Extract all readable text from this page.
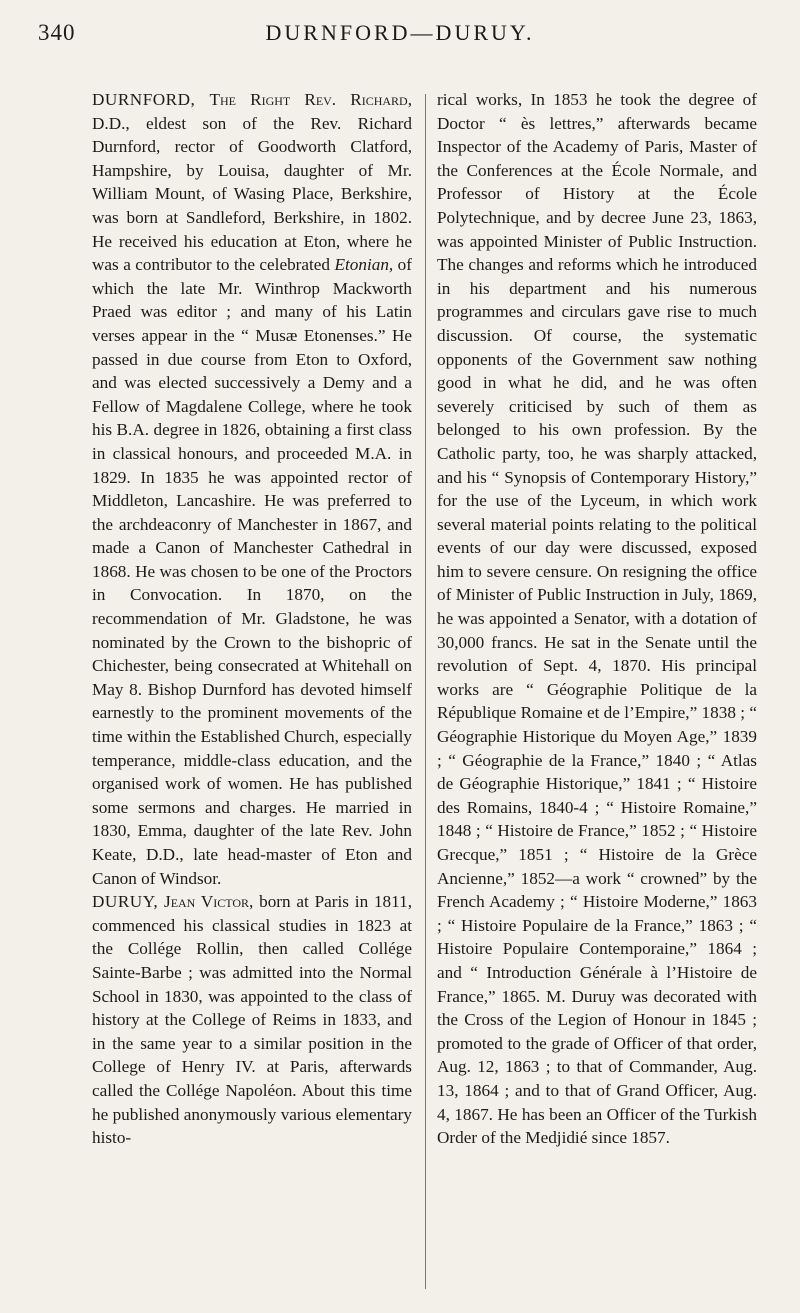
340	DURNFORD—DURUY.

DURNFORD, The Right Rev. Richard, D.D., eldest son of the Rev. Richard Durnford, rector of Goodworth Clatford, Hampshire, by Louisa, daughter of Mr. William Mount, of Wasing Place, Berkshire, was born at Sandleford, Berkshire, in 1802. He received his education at Eton, where he was a contributor to the celebrated Etonian, of which the late Mr. Winthrop Mackworth Praed was editor ; and many of his Latin verses appear in the “ Musæ Etonenses.” He passed in due course from Eton to Oxford, and was elected successively a Demy and a Fellow of Magdalene College, where he took his B.A. degree in 1826, obtaining a first class in classical honours, and proceeded M.A. in 1829. In 1835 he was appointed rector of Middleton, Lancashire. He was preferred to the archdeaconry of Manchester in 1867, and made a Canon of Manchester Cathedral in 1868. He was chosen to be one of the Proctors in Convocation. In 1870, on the recommendation of Mr. Gladstone, he was nominated by the Crown to the bishopric of Chichester, being consecrated at Whitehall on May 8. Bishop Durnford has devoted himself earnestly to the prominent movements of the time within the Established Church, especially temperance, middle-class education, and the organised work of women. He has published some sermons and charges. He married in 1830, Emma, daughter of the late Rev. John Keate, D.D., late head-master of Eton and Canon of Windsor.

DURUY, Jean Victor, born at Paris in 1811, commenced his classical studies in 1823 at the Collége Rollin, then called Collége Sainte-Barbe ; was admitted into the Normal School in 1830, was appointed to the class of history at the College of Reims in 1833, and in the same year to a similar position in the College of Henry IV. at Paris, afterwards called the Collége Napoléon. About this time he published anonymously various elementary histo-

rical works, In 1853 he took the degree of Doctor “ ès lettres,” afterwards became Inspector of the Academy of Paris, Master of the Conferences at the École Normale, and Professor of History at the École Polytechnique, and by decree June 23, 1863, was appointed Minister of Public Instruction. The changes and reforms which he introduced in his department and his numerous programmes and circulars gave rise to much discussion. Of course, the systematic opponents of the Government saw nothing good in what he did, and he was often severely criticised by such of them as belonged to his own profession. By the Catholic party, too, he was sharply attacked, and his “ Synopsis of Contemporary History,” for the use of the Lyceum, in which work several material points relating to the political events of our day were discussed, exposed him to severe censure. On resigning the office of Minister of Public Instruction in July, 1869, he was appointed a Senator, with a dotation of 30,000 francs. He sat in the Senate until the revolution of Sept. 4, 1870. His principal works are “ Géographie Politique de la République Romaine et de l’Empire,” 1838 ; “ Géographie Historique du Moyen Age,” 1839 ; “ Géographie de la France,” 1840 ; “ Atlas de Géographie Historique,” 1841 ; “ Histoire des Romains, 1840-4 ; “ Histoire Romaine,” 1848 ; “ Histoire de France,” 1852 ; “ Histoire Grecque,” 1851 ; “ Histoire de la Grèce Ancienne,” 1852—a work “ crowned” by the French Academy ; “ Histoire Moderne,” 1863 ; “ Histoire Populaire de la France,” 1863 ; “ Histoire Populaire Contemporaine,” 1864 ; and “ Introduction Générale à l’Histoire de France,” 1865. M. Duruy was decorated with the Cross of the Legion of Honour in 1845 ; promoted to the grade of Officer of that order, Aug. 12, 1863 ; to that of Commander, Aug. 13, 1864 ; and to that of Grand Officer, Aug. 4, 1867. He has been an Officer of the Turkish Order of the Medjidié since 1857.
